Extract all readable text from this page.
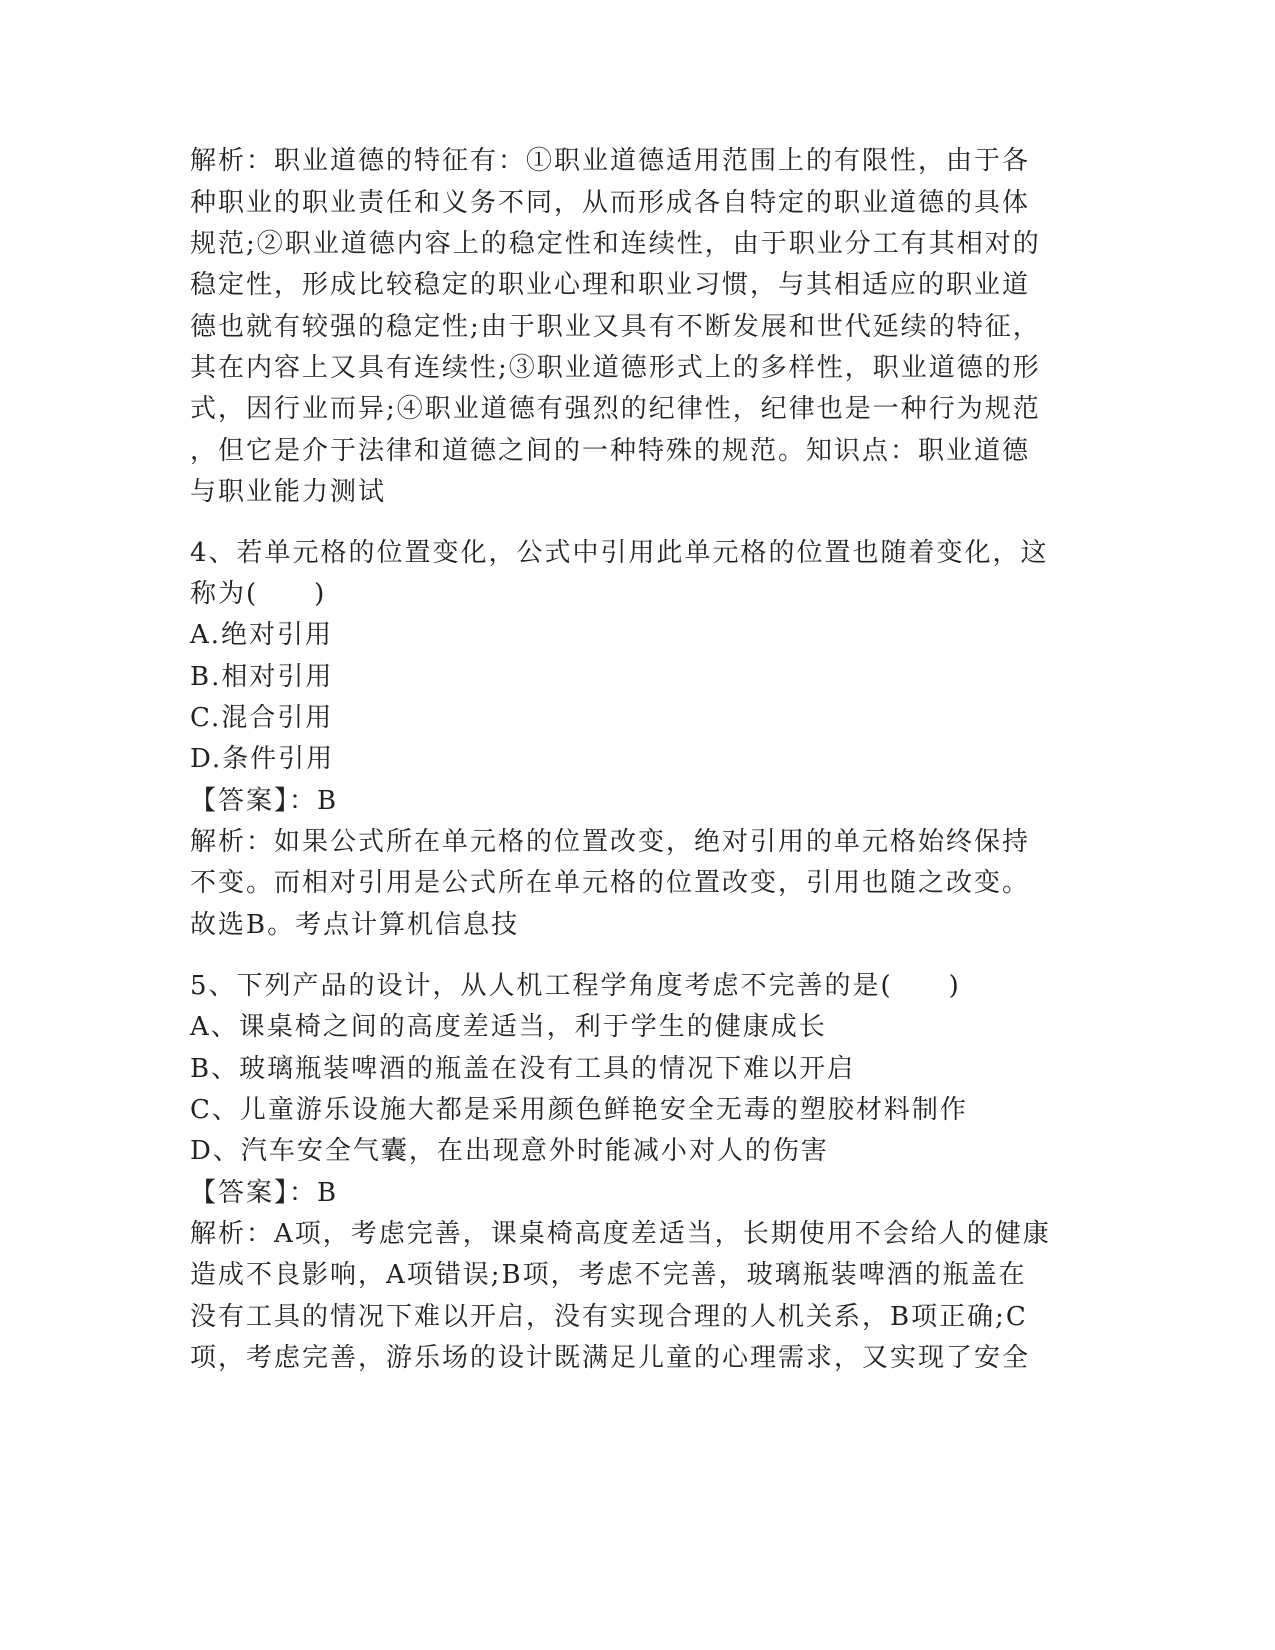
解析：职业道德的特征有：①职业道德适用范围上的有限性，由于各
种职业的职业责任和义务不同，从而形成各自特定的职业道德的具体
规范;②职业道德内容上的稳定性和连续性，由于职业分工有其相对的
稳定性，形成比较稳定的职业心理和职业习惯，与其相适应的职业道
德也就有较强的稳定性;由于职业又具有不断发展和世代延续的特征，
其在内容上又具有连续性;③职业道德形式上的多样性，职业道德的形
式，因行业而异;④职业道德有强烈的纪律性，纪律也是一种行为规范
，但它是介于法律和道德之间的一种特殊的规范。知识点：职业道德
与职业能力测试
4、若单元格的位置变化，公式中引用此单元格的位置也随着变化，这
称为(　　)
A.绝对引用
B.相对引用
C.混合引用
D.条件引用
【答案】：B
解析：如果公式所在单元格的位置改变，绝对引用的单元格始终保持
不变。而相对引用是公式所在单元格的位置改变，引用也随之改变。
故选B。考点计算机信息技
5、下列产品的设计，从人机工程学角度考虑不完善的是(　　)
A、课桌椅之间的高度差适当，利于学生的健康成长
B、玻璃瓶装啤酒的瓶盖在没有工具的情况下难以开启
C、儿童游乐设施大都是采用颜色鲜艳安全无毒的塑胶材料制作
D、汽车安全气囊，在出现意外时能减小对人的伤害
【答案】：B
解析：A项，考虑完善，课桌椅高度差适当，长期使用不会给人的健康
造成不良影响，A项错误;B项，考虑不完善，玻璃瓶装啤酒的瓶盖在
没有工具的情况下难以开启，没有实现合理的人机关系，B项正确;C
项，考虑完善，游乐场的设计既满足儿童的心理需求，又实现了安全
